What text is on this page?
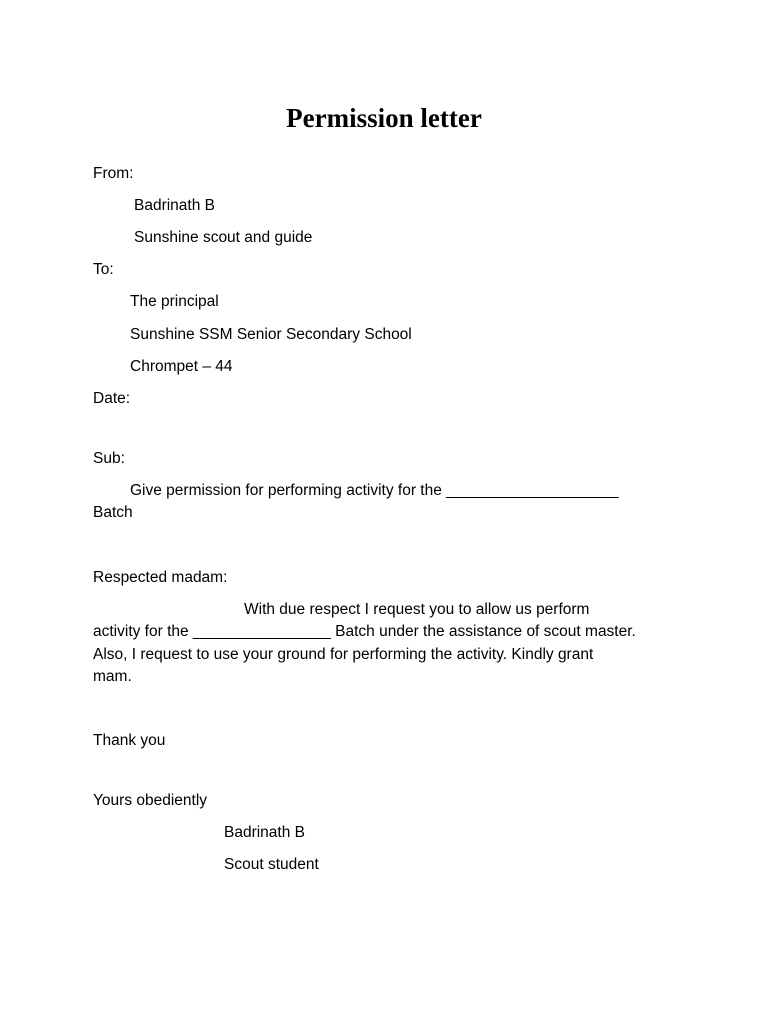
Permission letter

From:

Badrinath B

Sunshine scout and guide

To:

The principal

Sunshine SSM Senior Secondary School

Chrompet – 44

Date:

Sub:

Give permission for performing activity for the ____________________

Batch

Respected madam:

With due respect I request you to allow us perform

activity for the ________________ Batch under the assistance of scout master.

Also, I request to use your ground for performing the activity. Kindly grant

mam.

Thank you

Yours obediently

Badrinath B

Scout student
